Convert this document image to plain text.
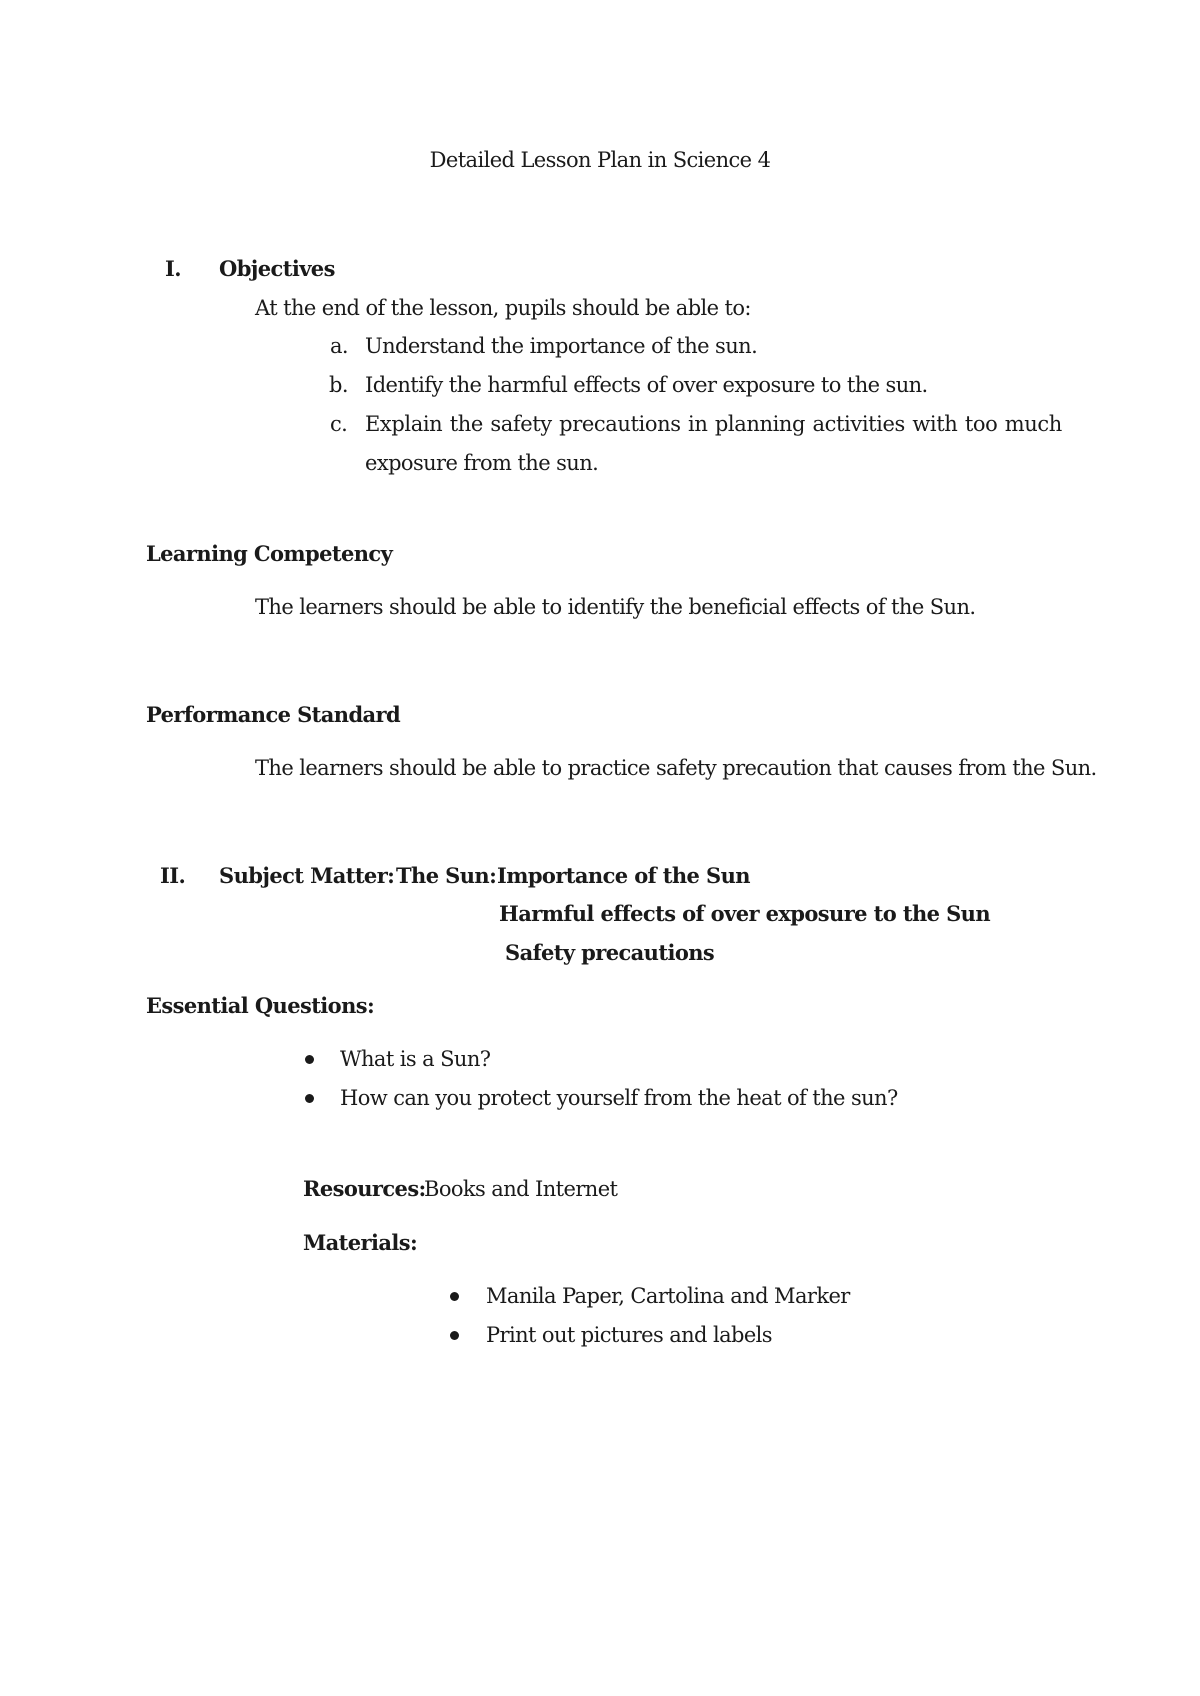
Detailed Lesson Plan in Science 4
I.	Objectives
At the end of the lesson, pupils should be able to:
a. Understand the importance of the sun.
b. Identify the harmful effects of over exposure to the sun.
c. Explain the safety precautions in planning activities with too much
exposure from the sun.
Learning Competency
The learners should be able to identify the beneficial effects of the Sun.
Performance Standard
The learners should be able to practice safety precaution that causes from the Sun.
II.	Subject Matter: The Sun: Importance of the Sun
Harmful effects of over exposure to the Sun
Safety precautions
Essential Questions:
What is a Sun?
How can you protect yourself from the heat of the sun?
Resources:
Books and Internet
Materials:
Manila Paper, Cartolina and Marker
Print out pictures and labels
